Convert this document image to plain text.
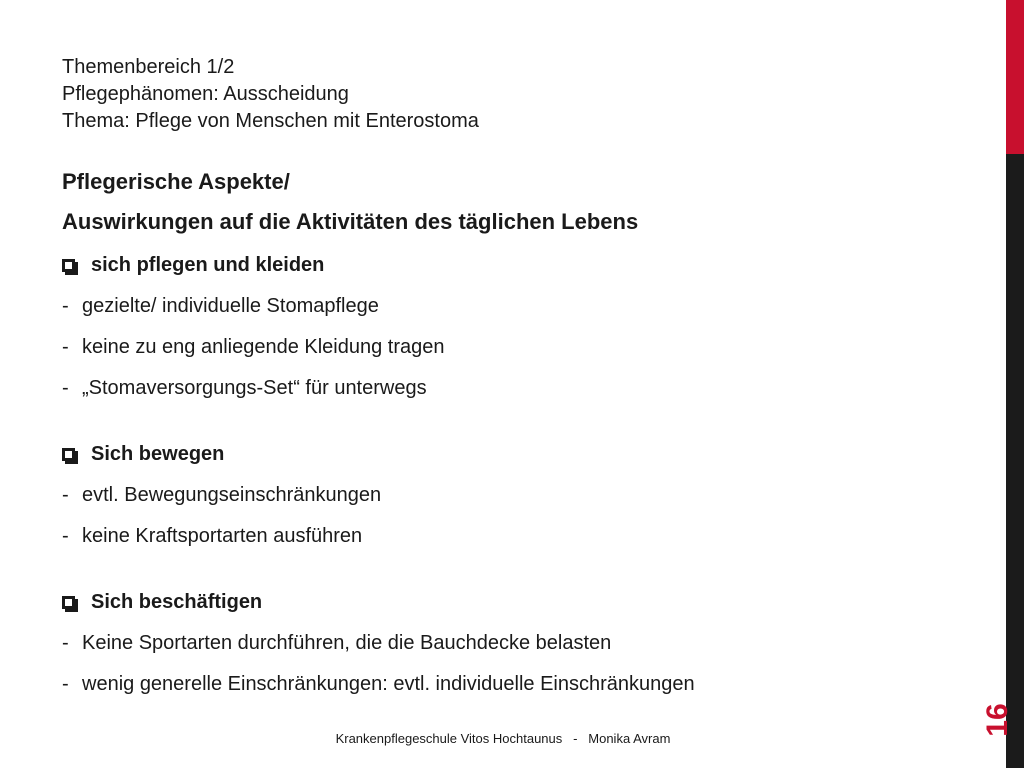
16
Themenbereich 1/2
Pflegephänomen: Ausscheidung
Thema: Pflege von Menschen mit Enterostoma
Pflegerische Aspekte/
Auswirkungen auf die Aktivitäten des täglichen Lebens
sich pflegen und kleiden
- gezielte/ individuelle Stomapflege
- keine zu eng anliegende Kleidung tragen
- „Stomaversorgungs-Set“ für unterwegs
Sich bewegen
- evtl. Bewegungseinschränkungen
- keine Kraftsportarten ausführen
Sich beschäftigen
- Keine Sportarten durchführen, die die Bauchdecke belasten
- wenig generelle Einschränkungen: evtl. individuelle Einschränkungen
Krankenpflegeschule Vitos Hochtaunus   -   Monika Avram
